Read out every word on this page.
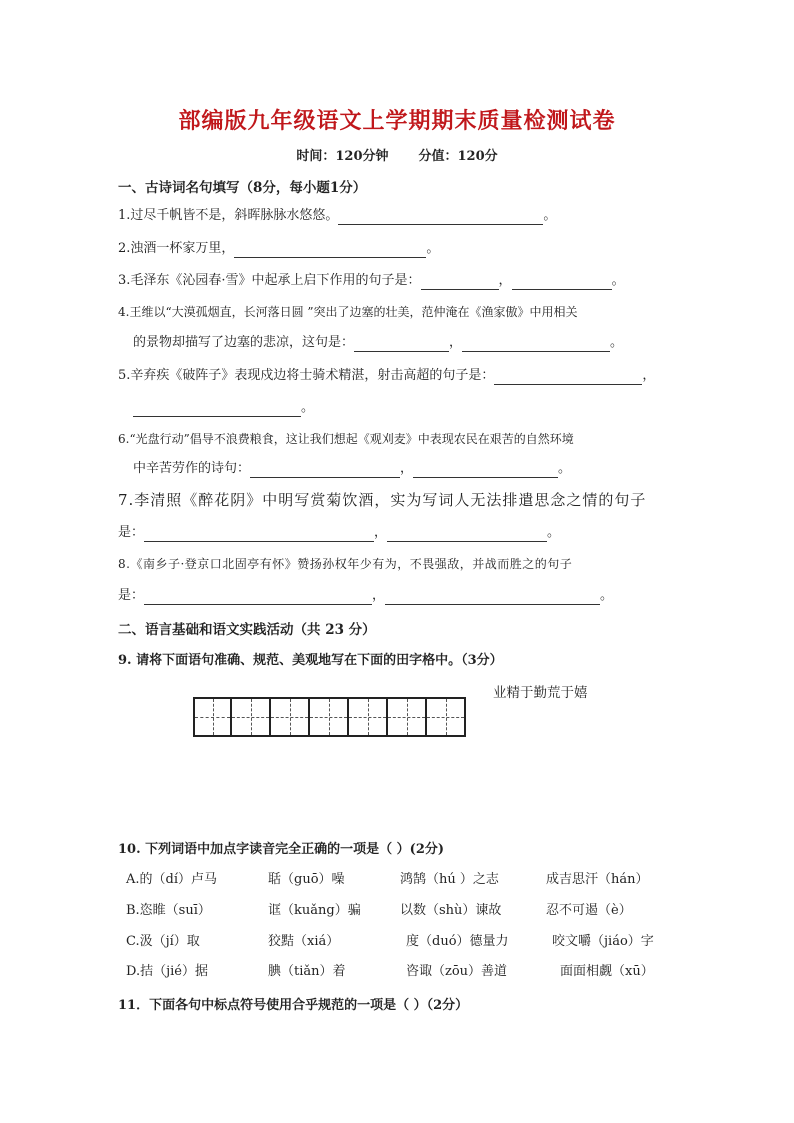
部编版九年级语文上学期期末质量检测试卷
时间：120分钟 分值：120分
一、古诗词名句填写（8分，每小题1分）
1.过尽千帆皆不是，斜晖脉脉水悠悠。	。
2.浊酒一杯家万里，	。
3.毛泽东《沁园春·雪》中起承上启下作用的句子是：	，	。
4.王维以“大漠孤烟直，长河落日圆 ”突出了边塞的壮美，范仲淹在《渔家傲》中用相关
的景物却描写了边塞的悲凉，这句是：	，	。
5.辛弃疾《破阵子》表现戍边将士骑术精湛，射击高超的句子是：	，
。
6.“光盘行动”倡导不浪费粮食，这让我们想起《观刈麦》中表现农民在艰苦的自然环境
中辛苦劳作的诗句：	，	。
7.李清照《醉花阴》中明写赏菊饮酒，实为写词人无法排遣思念之情的句子
是：	，	。
8.《南乡子·登京口北固亭有怀》赞扬孙权年少有为，不畏强敌，并战而胜之的句子
是：	，	。
二、语言基础和语文实践活动（共 23 分）
9. 请将下面语句准确、规范、美观地写在下面的田字格中。（3分）
业精于勤荒于嬉
10. 下列词语中加点字读音完全正确的一项是（ ）(2分)
A.的（dí）卢马	聒（guō）噪	鸿鹄（hú ）之志	成吉思汗（hán）
B.恣睢（suī）	诓（kuǎng）骗	以数（shù）谏故	忍不可遏（è）
C.汲（jí）取	狡黠（xiá）	度（duó）德量力	咬文嚼（jiáo）字
D.拮（jié）据	腆（tiǎn）着	咨诹（zōu）善道	面面相觑（xū）
11．下面各句中标点符号使用合乎规范的一项是（ ）（2分）
